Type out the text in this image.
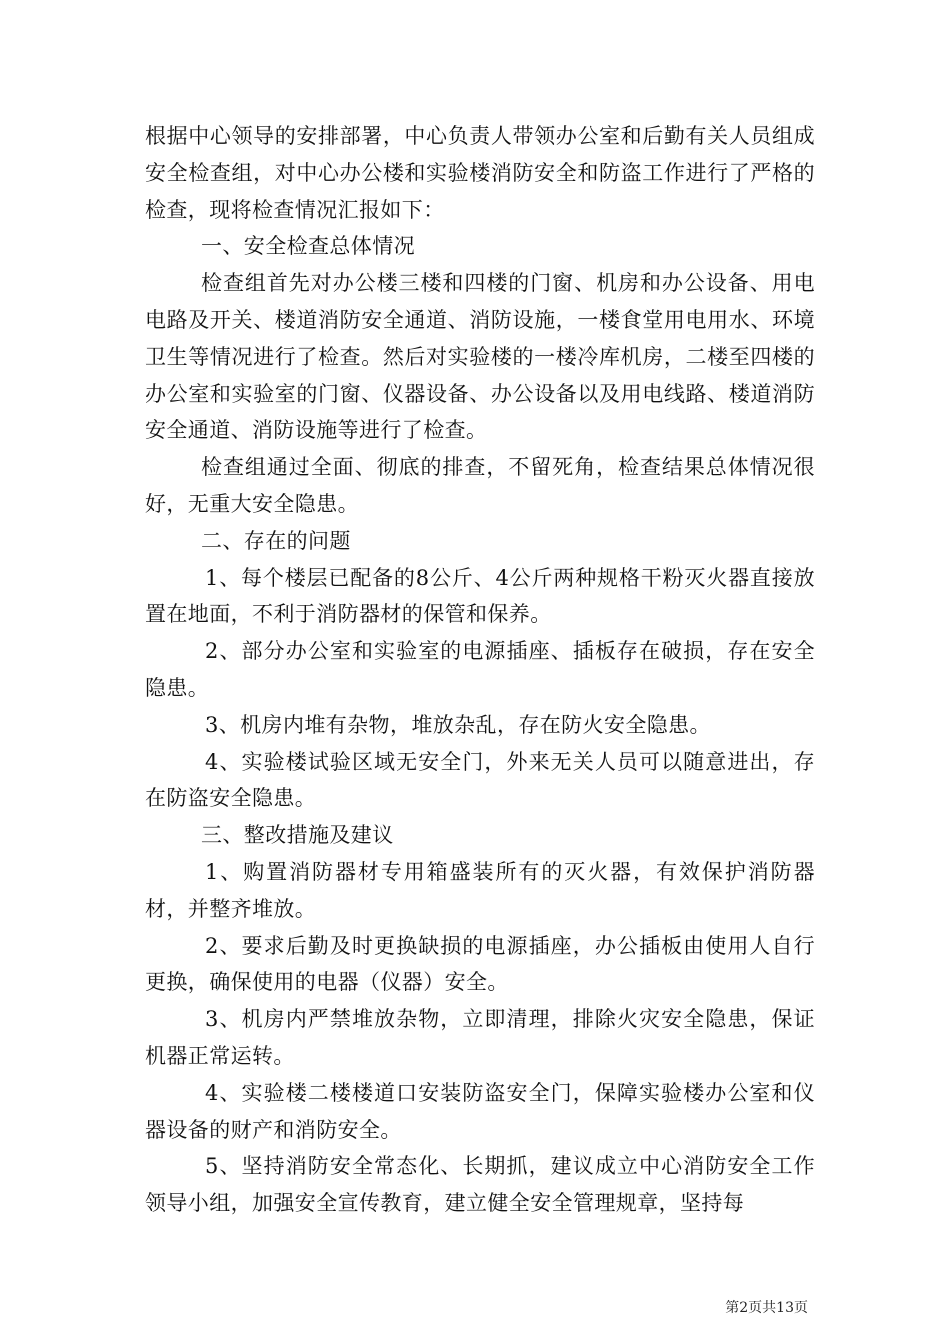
根据中心领导的安排部署，中心负责人带领办公室和后勤有关人员组成安全检查组，对中心办公楼和实验楼消防安全和防盗工作进行了严格的检查，现将检查情况汇报如下：

一、安全检查总体情况

检查组首先对办公楼三楼和四楼的门窗、机房和办公设备、用电电路及开关、楼道消防安全通道、消防设施，一楼食堂用电用水、环境卫生等情况进行了检查。然后对实验楼的一楼冷库机房，二楼至四楼的办公室和实验室的门窗、仪器设备、办公设备以及用电线路、楼道消防安全通道、消防设施等进行了检查。

检查组通过全面、彻底的排查，不留死角，检查结果总体情况很好，无重大安全隐患。

二、存在的问题

1、每个楼层已配备的8公斤、4公斤两种规格干粉灭火器直接放置在地面，不利于消防器材的保管和保养。

2、部分办公室和实验室的电源插座、插板存在破损，存在安全隐患。

3、机房内堆有杂物，堆放杂乱，存在防火安全隐患。

4、实验楼试验区域无安全门，外来无关人员可以随意进出，存在防盗安全隐患。

三、整改措施及建议

1、购置消防器材专用箱盛装所有的灭火器，有效保护消防器材，并整齐堆放。

2、要求后勤及时更换缺损的电源插座，办公插板由使用人自行更换，确保使用的电器（仪器）安全。

3、机房内严禁堆放杂物，立即清理，排除火灾安全隐患，保证机器正常运转。

4、实验楼二楼楼道口安装防盗安全门，保障实验楼办公室和仪器设备的财产和消防安全。

5、坚持消防安全常态化、长期抓，建议成立中心消防安全工作领导小组，加强安全宣传教育，建立健全安全管理规章，坚持每

第2页共13页
